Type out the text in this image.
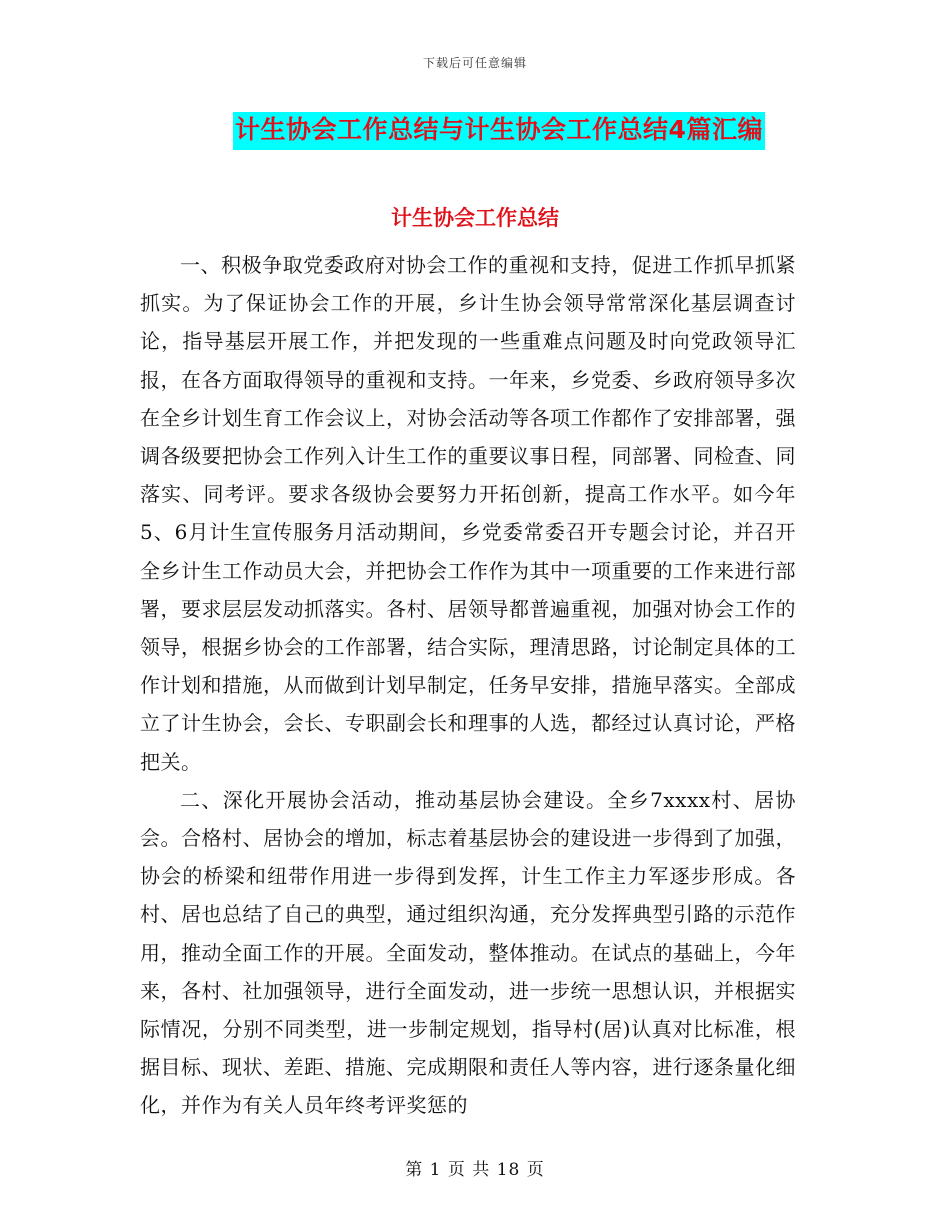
下载后可任意编辑
计生协会工作总结与计生协会工作总结4篇汇编
计生协会工作总结

一、积极争取党委政府对协会工作的重视和支持，促进工作抓早抓紧抓实。为了保证协会工作的开展，乡计生协会领导常常深化基层调查讨论，指导基层开展工作，并把发现的一些重难点问题及时向党政领导汇报，在各方面取得领导的重视和支持。一年来，乡党委、乡政府领导多次在全乡计划生育工作会议上，对协会活动等各项工作都作了安排部署，强调各级要把协会工作列入计生工作的重要议事日程，同部署、同检查、同落实、同考评。要求各级协会要努力开拓创新，提高工作水平。如今年5、6月计生宣传服务月活动期间，乡党委常委召开专题会讨论，并召开全乡计生工作动员大会，并把协会工作作为其中一项重要的工作来进行部署，要求层层发动抓落实。各村、居领导都普遍重视，加强对协会工作的领导，根据乡协会的工作部署，结合实际，理清思路，讨论制定具体的工作计划和措施，从而做到计划早制定，任务早安排，措施早落实。全部成立了计生协会，会长、专职副会长和理事的人选，都经过认真讨论，严格把关。

二、深化开展协会活动，推动基层协会建设。全乡7xxxx村、居协会。合格村、居协会的增加，标志着基层协会的建设进一步得到了加强，协会的桥梁和纽带作用进一步得到发挥，计生工作主力军逐步形成。各村、居也总结了自己的典型，通过组织沟通，充分发挥典型引路的示范作用，推动全面工作的开展。全面发动，整体推动。在试点的基础上，今年来，各村、社加强领导，进行全面发动，进一步统一思想认识，并根据实际情况，分别不同类型，进一步制定规划，指导村(居)认真对比标准，根据目标、现状、差距、措施、完成期限和责任人等内容，进行逐条量化细化，并作为有关人员年终考评奖惩的

第 1 页 共 18 页
